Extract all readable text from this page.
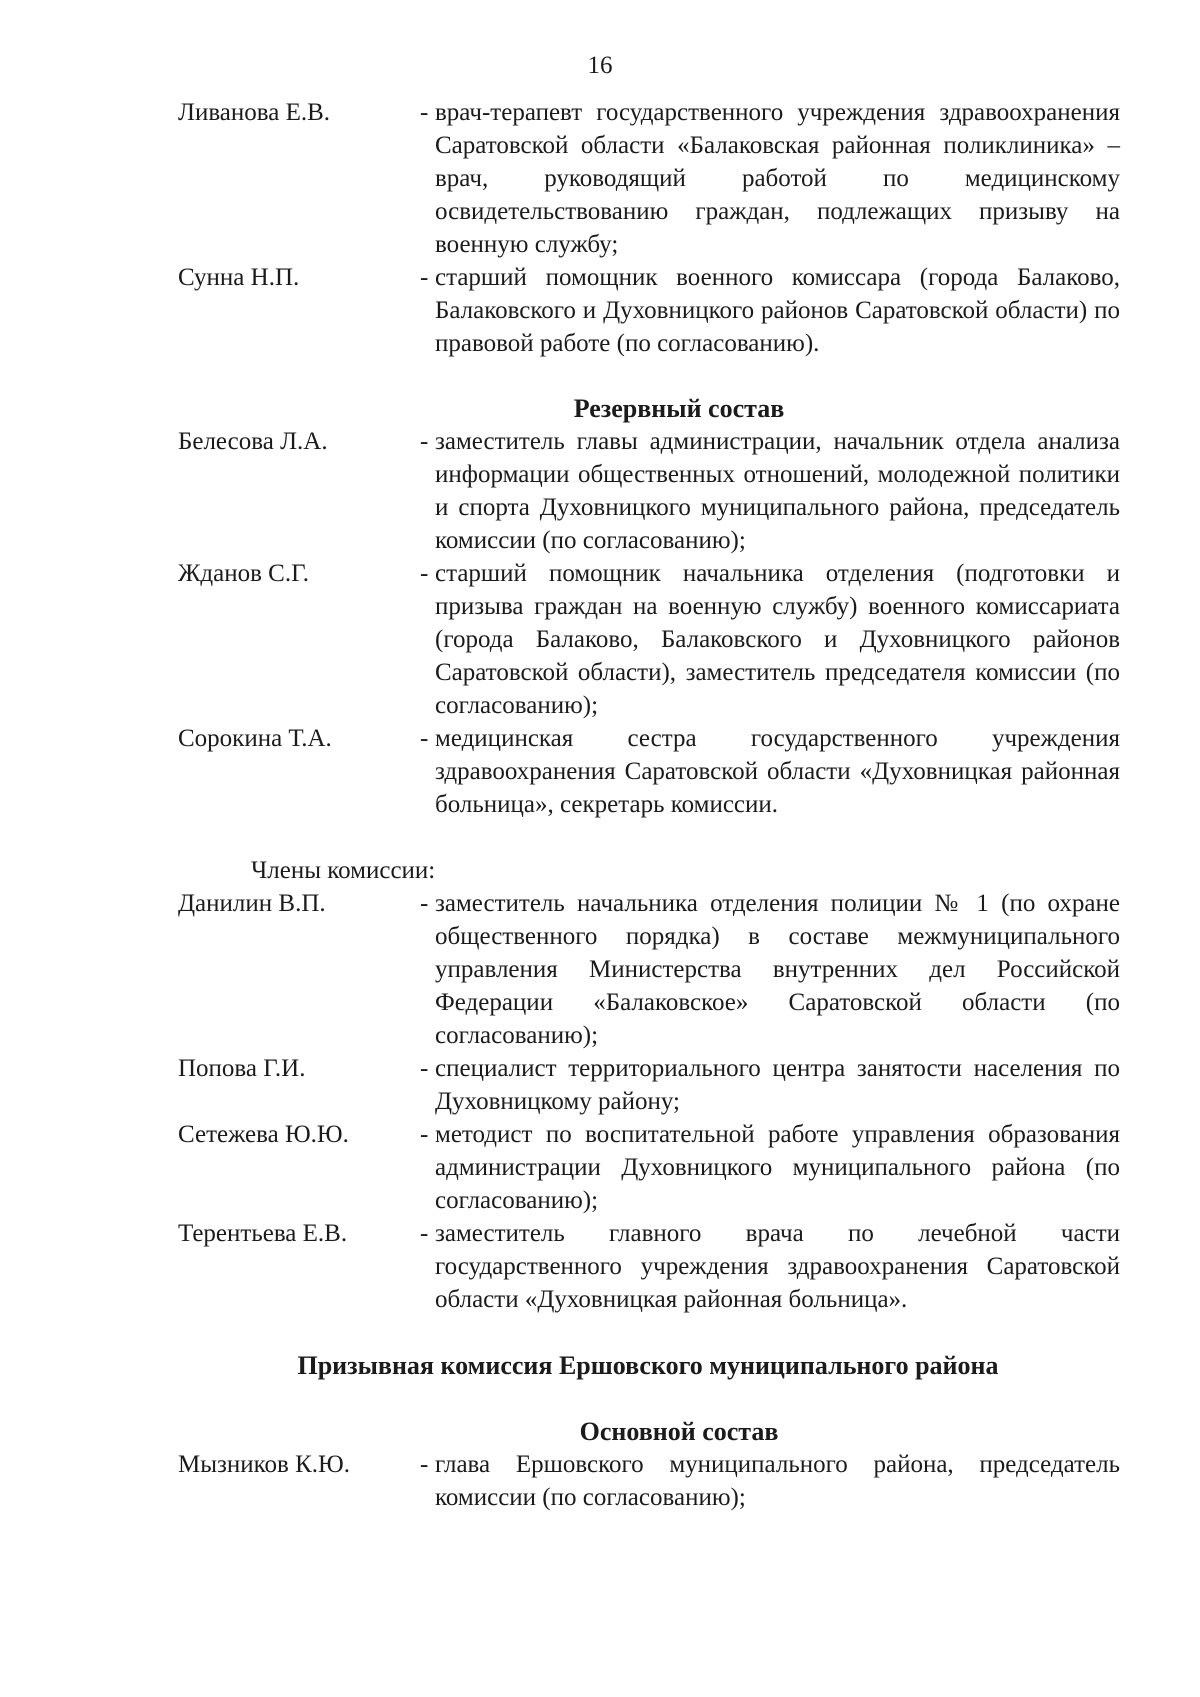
16
Ливанова Е.В.	- врач-терапевт государственного учреждения здравоохранения Саратовской области «Балаковская районная поликлиника» – врач, руководящий работой по медицинскому освидетельствованию граждан, подлежащих призыву на военную службу;
Сунна Н.П.	- старший помощник военного комиссара (города Балаково, Балаковского и Духовницкого районов Саратовской области) по правовой работе (по согласованию).
Резервный состав
Белесова Л.А.	- заместитель главы администрации, начальник отдела анализа информации общественных отношений, молодежной политики и спорта Духовницкого муниципального района, председатель комиссии (по согласованию);
Жданов С.Г.	- старший помощник начальника отделения (подготовки и призыва граждан на военную службу) военного комиссариата (города Балаково, Балаковского и Духовницкого районов Саратовской области), заместитель председателя комиссии (по согласованию);
Сорокина Т.А.	- медицинская сестра государственного учреждения здравоохранения Саратовской области «Духовницкая районная больница», секретарь комиссии.
Члены комиссии:
Данилин В.П.	- заместитель начальника отделения полиции № 1 (по охране общественного порядка) в составе межмуниципального управления Министерства внутренних дел Российской Федерации «Балаковское» Саратовской области (по согласованию);
Попова Г.И.	- специалист территориального центра занятости населения по Духовницкому району;
Сетежева Ю.Ю.	- методист по воспитательной работе управления образования администрации Духовницкого муниципального района (по согласованию);
Терентьева Е.В.	- заместитель главного врача по лечебной части государственного учреждения здравоохранения Саратовской области «Духовницкая районная больница».
Призывная комиссия Ершовского муниципального района
Основной состав
Мызников К.Ю.	- глава Ершовского муниципального района, председатель комиссии (по согласованию);
